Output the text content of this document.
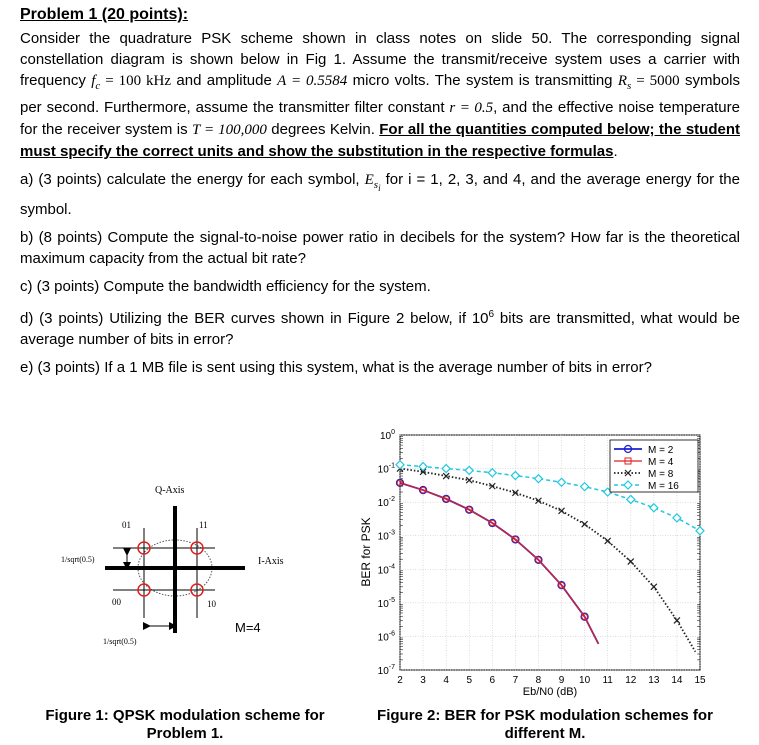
Problem 1 (20 points):

Consider the quadrature PSK scheme shown in class notes on slide 50. The corresponding signal constellation diagram is shown below in Fig 1. Assume the transmit/receive system uses a carrier with frequency $f_c = 100$ kHz and amplitude A = 0.5584 micro volts. The system is transmitting $R_s = 5000$ symbols per second. Furthermore, assume the transmitter filter constant r = 0.5, and the effective noise temperature for the receiver system is T = 100,000 degrees Kelvin. For all the quantities computed below; the student must specify the correct units and show the substitution in the respective formulas.

a) (3 points) calculate the energy for each symbol, $E_{s_i}$ for i = 1, 2, 3, and 4, and the average energy for the symbol.

b) (8 points) Compute the signal-to-noise power ratio in decibels for the system? How far is the theoretical maximum capacity from the actual bit rate?

c) (3 points) Compute the bandwidth efficiency for the system.

d) (3 points) Utilizing the BER curves shown in Figure 2 below, if $10^6$ bits are transmitted, what would be average number of bits in error?

e) (3 points) If a 1 MB file is sent using this system, what is the average number of bits in error?

Q-Axis
I-Axis
01	11
00	10
1/sqrt(0.5)
1/sqrt(0.5)
M=4
2 3 4 5 6 7 8 9 10 11 12 13 14 15
$10^0$
$10^{-1}$
$10^{-2}$
$10^{-3}$
$10^{-4}$
$10^{-5}$
$10^{-6}$
$10^{-7}$
Eb/N0 (dB)
BER for PSK
M = 2
M = 4
M = 8
M = 16
Figure 1: QPSK modulation scheme for Problem 1.
Figure 2: BER for PSK modulation schemes for different M.
